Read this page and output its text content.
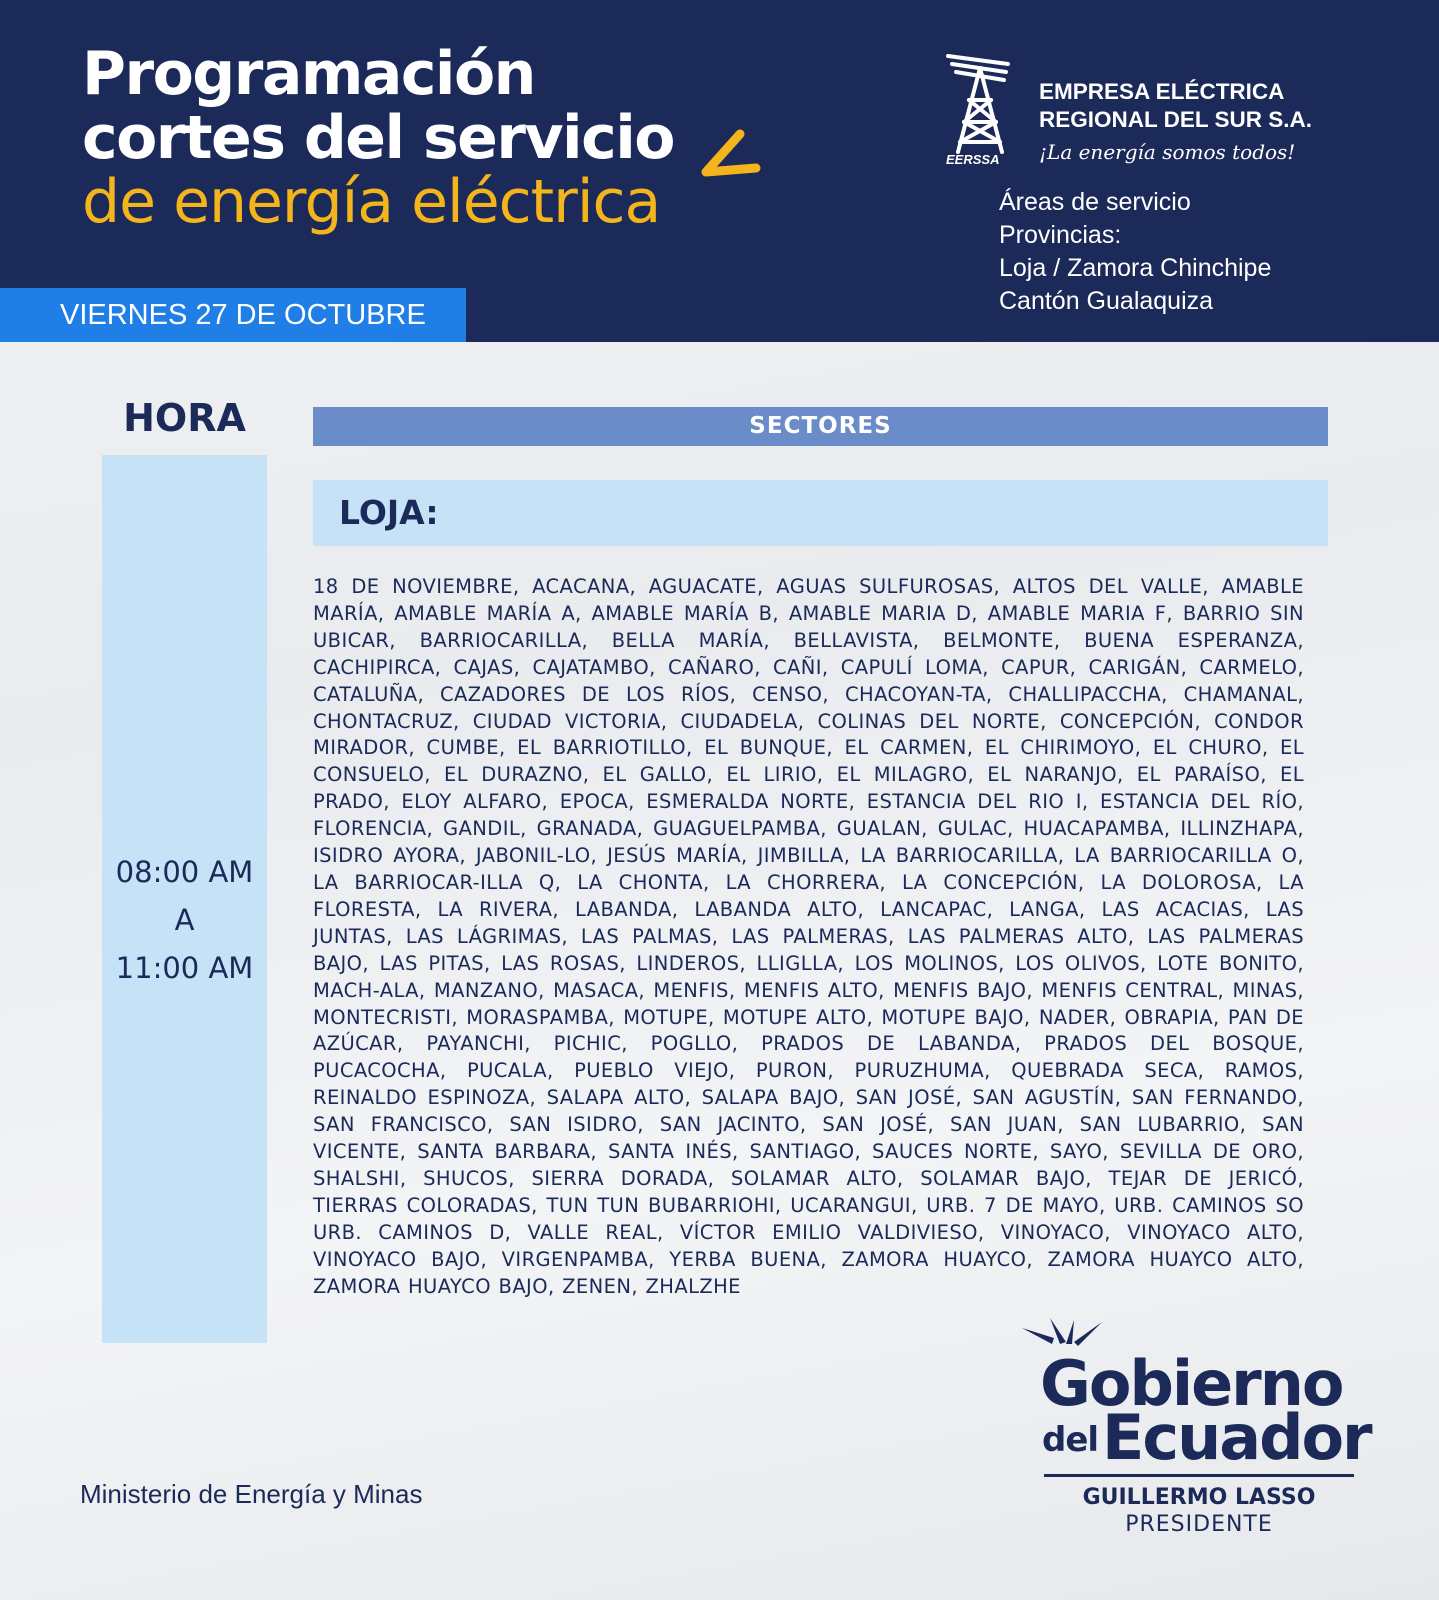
Programación
cortes del servicio
de energía eléctrica
EERSSA
EMPRESA ELÉCTRICA
REGIONAL DEL SUR S.A.
¡La energía somos todos!
Áreas de servicio
Provincias:
Loja / Zamora Chinchipe
Cantón Gualaquiza
VIERNES 27 DE OCTUBRE
HORA
08:00 AM
A
11:00 AM
SECTORES
LOJA:
18 DE NOVIEMBRE, ACACANA, AGUACATE, AGUAS SULFUROSAS, ALTOS DEL VALLE, AMABLE MARÍA, AMABLE MARÍA A, AMABLE MARÍA B, AMABLE MARIA D, AMABLE MARIA F, BARRIO SIN UBICAR, BARRIOCARILLA, BELLA MARÍA, BELLAVISTA, BELMONTE, BUENA ESPERANZA, CACHIPIRCA, CAJAS, CAJATAMBO, CAÑARO, CAÑI, CAPULÍ LOMA, CAPUR, CARIGÁN, CARMELO, CATALUÑA, CAZADORES DE LOS RÍOS, CENSO, CHACOYAN-TA, CHALLIPACCHA, CHAMANAL, CHONTACRUZ, CIUDAD VICTORIA, CIUDADELA, COLINAS DEL NORTE, CONCEPCIÓN, CONDOR MIRADOR, CUMBE, EL BARRIOTILLO, EL BUNQUE, EL CARMEN, EL CHIRIMOYO, EL CHURO, EL CONSUELO, EL DURAZNO, EL GALLO, EL LIRIO, EL MILAGRO, EL NARANJO, EL PARAÍSO, EL PRADO, ELOY ALFARO, EPOCA, ESMERALDA NORTE, ESTANCIA DEL RIO I, ESTANCIA DEL RÍO, FLORENCIA, GANDIL, GRANADA, GUAGUELPAMBA, GUALAN, GULAC, HUACAPAMBA, ILLINZHAPA, ISIDRO AYORA, JABONIL-LO, JESÚS MARÍA, JIMBILLA, LA BARRIOCARILLA, LA BARRIOCARILLA O, LA BARRIOCAR-ILLA Q, LA CHONTA, LA CHORRERA, LA CONCEPCIÓN, LA DOLOROSA, LA FLORESTA, LA RIVERA, LABANDA, LABANDA ALTO, LANCAPAC, LANGA, LAS ACACIAS, LAS JUNTAS, LAS LÁGRIMAS, LAS PALMAS, LAS PALMERAS, LAS PALMERAS ALTO, LAS PALMERAS BAJO, LAS PITAS, LAS ROSAS, LINDEROS, LLIGLLA, LOS MOLINOS, LOS OLIVOS, LOTE BONITO, MACH-ALA, MANZANO, MASACA, MENFIS, MENFIS ALTO, MENFIS BAJO, MENFIS CENTRAL, MINAS, MONTECRISTI, MORASPAMBA, MOTUPE, MOTUPE ALTO, MOTUPE BAJO, NADER, OBRAPIA, PAN DE AZÚCAR, PAYANCHI, PICHIC, POGLLO, PRADOS DE LABANDA, PRADOS DEL BOSQUE, PUCACOCHA, PUCALA, PUEBLO VIEJO, PURON, PURUZHUMA, QUEBRADA SECA, RAMOS, REINALDO ESPINOZA, SALAPA ALTO, SALAPA BAJO, SAN JOSÉ, SAN AGUSTÍN, SAN FERNANDO, SAN FRANCISCO, SAN ISIDRO, SAN JACINTO, SAN JOSÉ, SAN JUAN, SAN LUBARRIO, SAN VICENTE, SANTA BARBARA, SANTA INÉS, SANTIAGO, SAUCES NORTE, SAYO, SEVILLA DE ORO, SHALSHI, SHUCOS, SIERRA DORADA, SOLAMAR ALTO, SOLAMAR BAJO, TEJAR DE JERICÓ, TIERRAS COLORADAS, TUN TUN BUBARRIOHI, UCARANGUI, URB. 7 DE MAYO, URB. CAMINOS SO URB. CAMINOS D, VALLE REAL, VÍCTOR EMILIO VALDIVIESO, VINOYACO, VINOYACO ALTO, VINOYACO BAJO, VIRGENPAMBA, YERBA BUENA, ZAMORA HUAYCO, ZAMORA HUAYCO ALTO, ZAMORA HUAYCO BAJO, ZENEN, ZHALZHE
Gobierno
del Ecuador
GUILLERMO LASSO
PRESIDENTE
Ministerio de Energía y Minas
